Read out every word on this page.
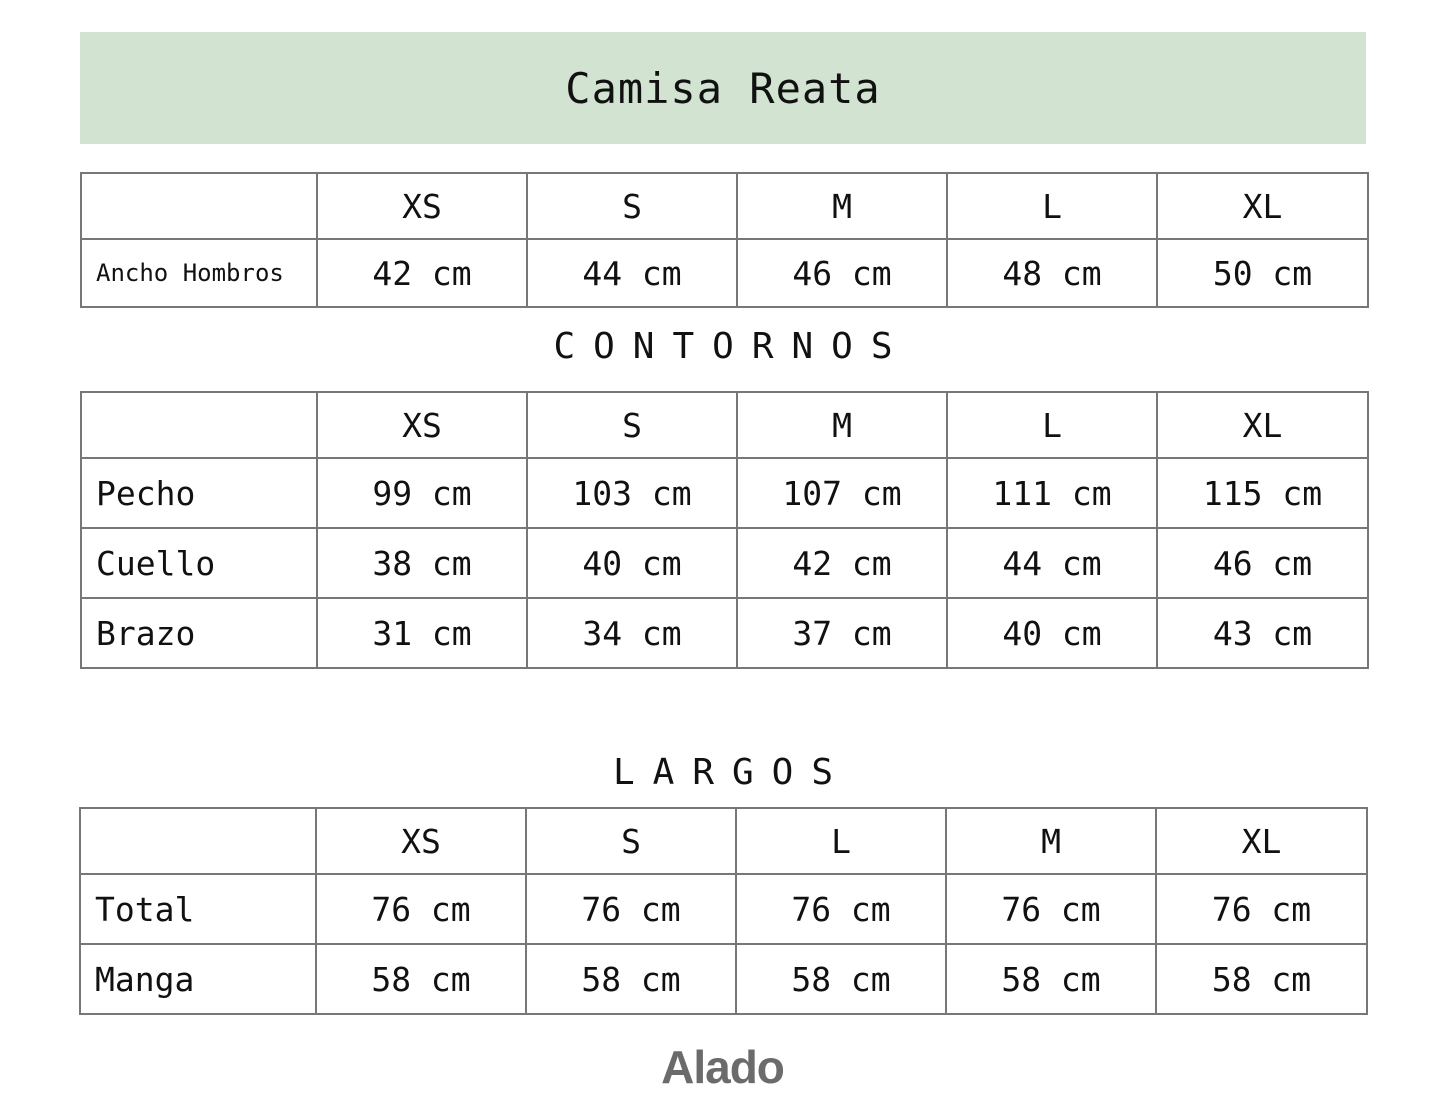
Camisa Reata
	XS	S	M	L	XL
Ancho Hombros	42 cm	44 cm	46 cm	48 cm	50 cm
CONTORNOS
	XS	S	M	L	XL
Pecho	99 cm	103 cm	107 cm	111 cm	115 cm
Cuello	38 cm	40 cm	42 cm	44 cm	46 cm
Brazo	31 cm	34 cm	37 cm	40 cm	43 cm
LARGOS
	XS	S	L	M	XL
Total	76 cm	76 cm	76 cm	76 cm	76 cm
Manga	58 cm	58 cm	58 cm	58 cm	58 cm
Alado
